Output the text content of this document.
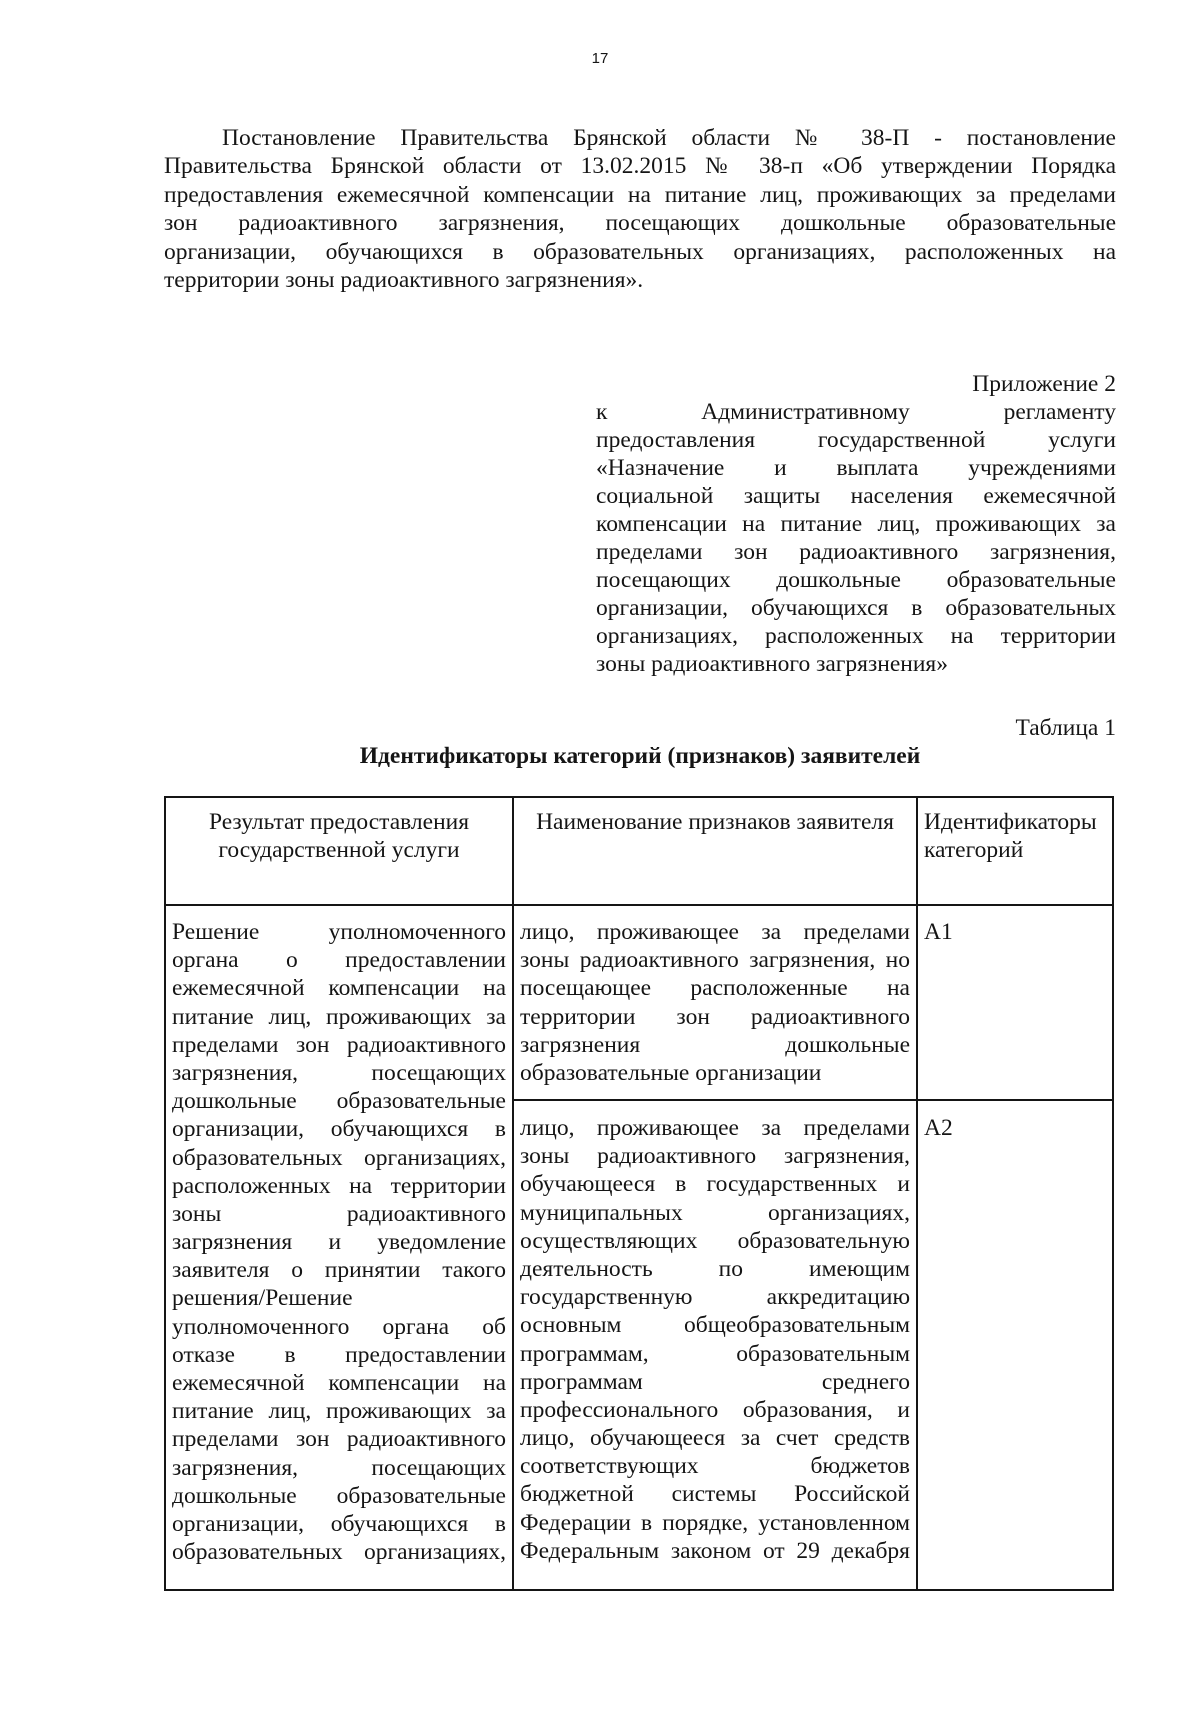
17
Постановление Правительства Брянской области № 38-П - постановление
Правительства Брянской области от 13.02.2015 № 38-п «Об утверждении Порядка
предоставления ежемесячной компенсации на питание лиц, проживающих за пределами
зон радиоактивного загрязнения, посещающих дошкольные образовательные
организации, обучающихся в образовательных организациях, расположенных на
территории зоны радиоактивного загрязнения».
Приложение 2
к Административному регламенту
предоставления государственной услуги
«Назначение и выплата учреждениями
социальной защиты населения ежемесячной
компенсации на питание лиц, проживающих за
пределами зон радиоактивного загрязнения,
посещающих дошкольные образовательные
организации, обучающихся в образовательных
организациях, расположенных на территории
зоны радиоактивного загрязнения»
Таблица 1
Идентификаторы категорий (признаков) заявителей
Результат предоставления
государственной услуги
Наименование признаков заявителя	Идентификаторы
категорий
Решение уполномоченного
органа о предоставлении
ежемесячной компенсации на
питание лиц, проживающих за
пределами зон радиоактивного
загрязнения, посещающих
дошкольные образовательные
организации, обучающихся в
образовательных организациях,
расположенных на территории
зоны радиоактивного
загрязнения и уведомление
заявителя о принятии такого
решения/Решение
уполномоченного органа об
отказе в предоставлении
ежемесячной компенсации на
питание лиц, проживающих за
пределами зон радиоактивного
загрязнения, посещающих
дошкольные образовательные
организации, обучающихся в
образовательных организациях,
лицо, проживающее за пределами
зоны радиоактивного загрязнения, но
посещающее расположенные на
территории зон радиоактивного
загрязнения дошкольные
образовательные организации
А1
лицо, проживающее за пределами
зоны радиоактивного загрязнения,
обучающееся в государственных и
муниципальных организациях,
осуществляющих образовательную
деятельность по имеющим
государственную аккредитацию
основным общеобразовательным
программам, образовательным
программам среднего
профессионального образования, и
лицо, обучающееся за счет средств
соответствующих бюджетов
бюджетной системы Российской
Федерации в порядке, установленном
Федеральным законом от 29 декабря
А2
